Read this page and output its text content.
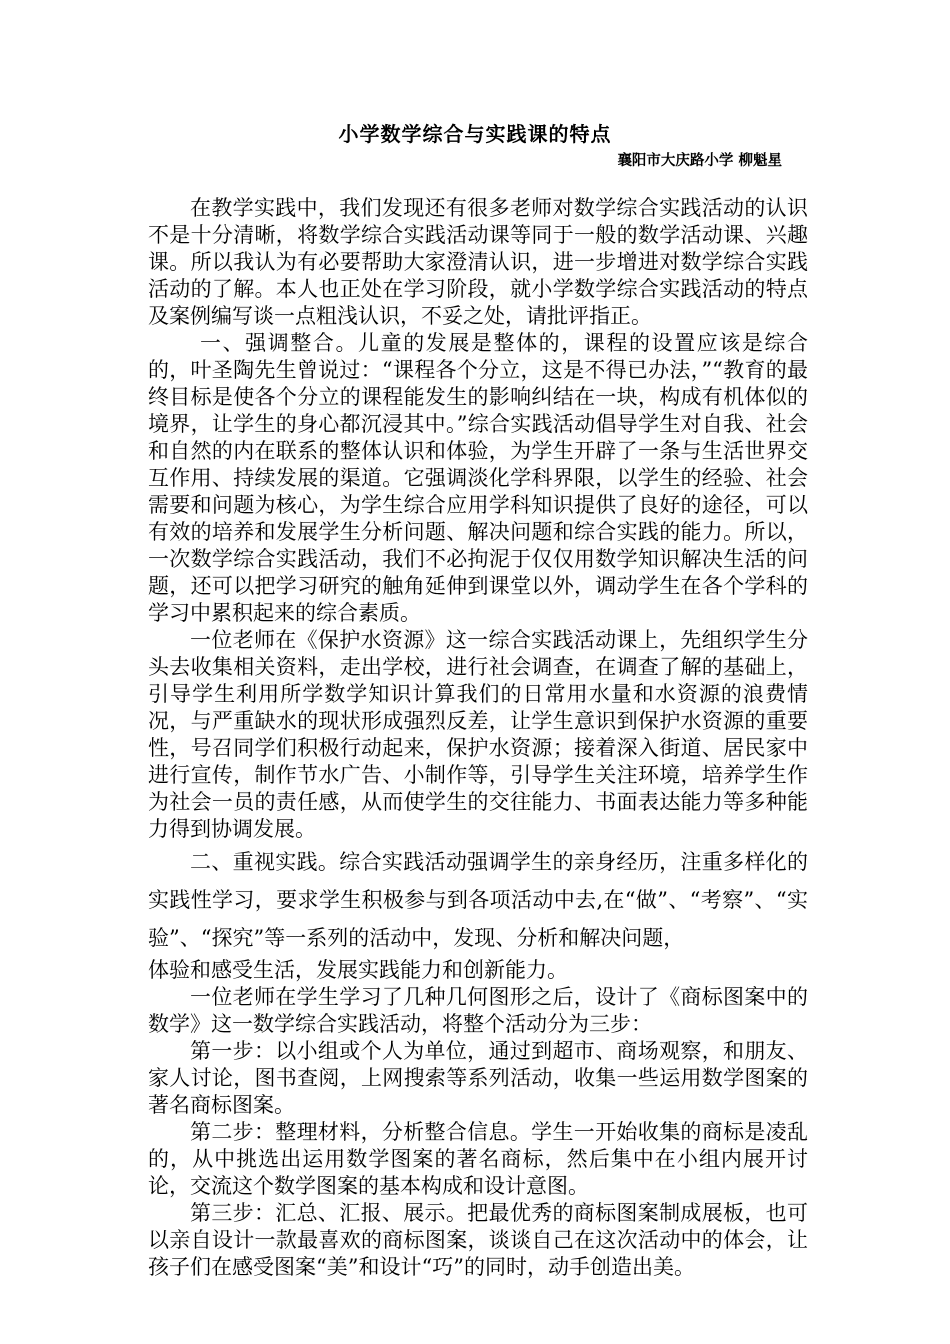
小学数学综合与实践课的特点
襄阳市大庆路小学 柳魁星

在教学实践中，我们发现还有很多老师对数学综合实践活动的认识不是十分清晰，将数学综合实践活动课等同于一般的数学活动课、兴趣课。所以我认为有必要帮助大家澄清认识，进一步增进对数学综合实践活动的了解。本人也正处在学习阶段，就小学数学综合实践活动的特点及案例编写谈一点粗浅认识，不妥之处，请批评指正。

一、强调整合。儿童的发展是整体的，课程的设置应该是综合的，叶圣陶先生曾说过：“课程各个分立，这是不得已办法，”“教育的最终目标是使各个分立的课程能发生的影响纠结在一块，构成有机体似的境界，让学生的身心都沉浸其中。”综合实践活动倡导学生对自我、社会和自然的内在联系的整体认识和体验，为学生开辟了一条与生活世界交互作用、持续发展的渠道。它强调淡化学科界限，以学生的经验、社会需要和问题为核心，为学生综合应用学科知识提供了良好的途径，可以有效的培养和发展学生分析问题、解决问题和综合实践的能力。所以，一次数学综合实践活动，我们不必拘泥于仅仅用数学知识解决生活的问题，还可以把学习研究的触角延伸到课堂以外，调动学生在各个学科的学习中累积起来的综合素质。

一位老师在《保护水资源》这一综合实践活动课上，先组织学生分头去收集相关资料，走出学校，进行社会调查，在调查了解的基础上，引导学生利用所学数学知识计算我们的日常用水量和水资源的浪费情况，与严重缺水的现状形成强烈反差，让学生意识到保护水资源的重要性，号召同学们积极行动起来，保护水资源；接着深入街道、居民家中进行宣传，制作节水广告、小制作等，引导学生关注环境，培养学生作为社会一员的责任感，从而使学生的交往能力、书面表达能力等多种能力得到协调发展。

二、重视实践。综合实践活动强调学生的亲身经历，注重多样化的实践性学习，要求学生积极参与到各项活动中去,在“做”、“考察”、“实验”、“探究”等一系列的活动中，发现、分析和解决问题，

体验和感受生活，发展实践能力和创新能力。

一位老师在学生学习了几种几何图形之后，设计了《商标图案中的数学》这一数学综合实践活动，将整个活动分为三步：

第一步：以小组或个人为单位，通过到超市、商场观察，和朋友、家人讨论，图书查阅，上网搜索等系列活动，收集一些运用数学图案的著名商标图案。

第二步：整理材料，分析整合信息。学生一开始收集的商标是凌乱的，从中挑选出运用数学图案的著名商标，然后集中在小组内展开讨论，交流这个数学图案的基本构成和设计意图。

第三步：汇总、汇报、展示。把最优秀的商标图案制成展板，也可以亲自设计一款最喜欢的商标图案，谈谈自己在这次活动中的体会，让孩子们在感受图案“美”和设计“巧”的同时，动手创造出美。
